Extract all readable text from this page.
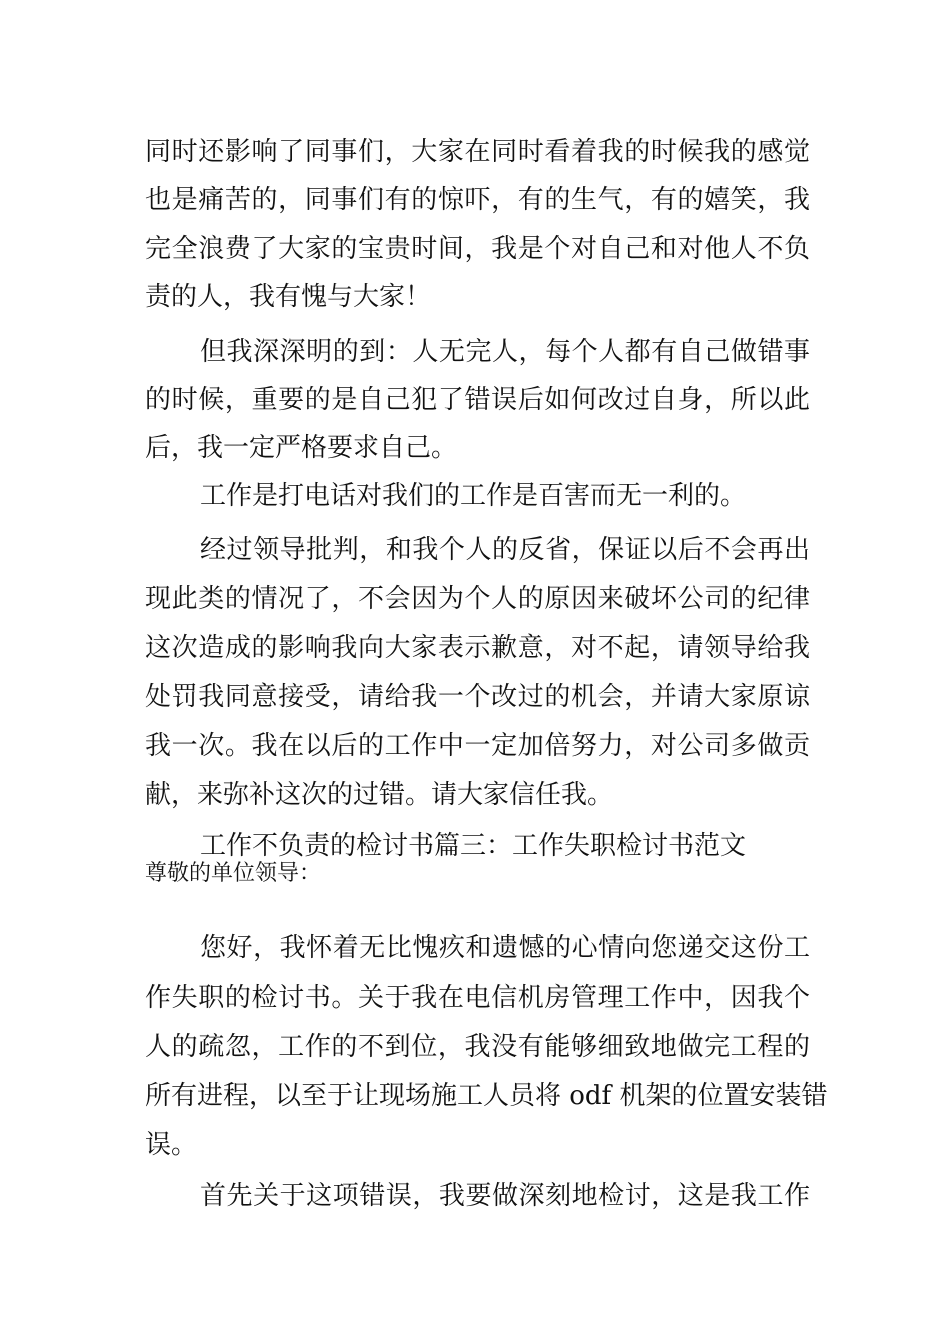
同时还影响了同事们，大家在同时看着我的时候我的感觉
也是痛苦的，同事们有的惊吓，有的生气，有的嬉笑，我
完全浪费了大家的宝贵时间，我是个对自己和对他人不负
责的人，我有愧与大家！
但我深深明的到：人无完人，每个人都有自己做错事
的时候，重要的是自己犯了错误后如何改过自身，所以此
后，我一定严格要求自己。
工作是打电话对我们的工作是百害而无一利的。
经过领导批判，和我个人的反省，保证以后不会再出
现此类的情况了，不会因为个人的原因来破坏公司的纪律
这次造成的影响我向大家表示歉意，对不起，请领导给我
处罚我同意接受，请给我一个改过的机会，并请大家原谅
我一次。我在以后的工作中一定加倍努力，对公司多做贡
献，来弥补这次的过错。请大家信任我。
工作不负责的检讨书篇三：工作失职检讨书范文
尊敬的单位领导：
您好，我怀着无比愧疚和遗憾的心情向您递交这份工
作失职的检讨书。关于我在电信机房管理工作中，因我个
人的疏忽，工作的不到位，我没有能够细致地做完工程的
所有进程，以至于让现场施工人员将 odf 机架的位置安装错
误。
首先关于这项错误，我要做深刻地检讨，这是我工作
